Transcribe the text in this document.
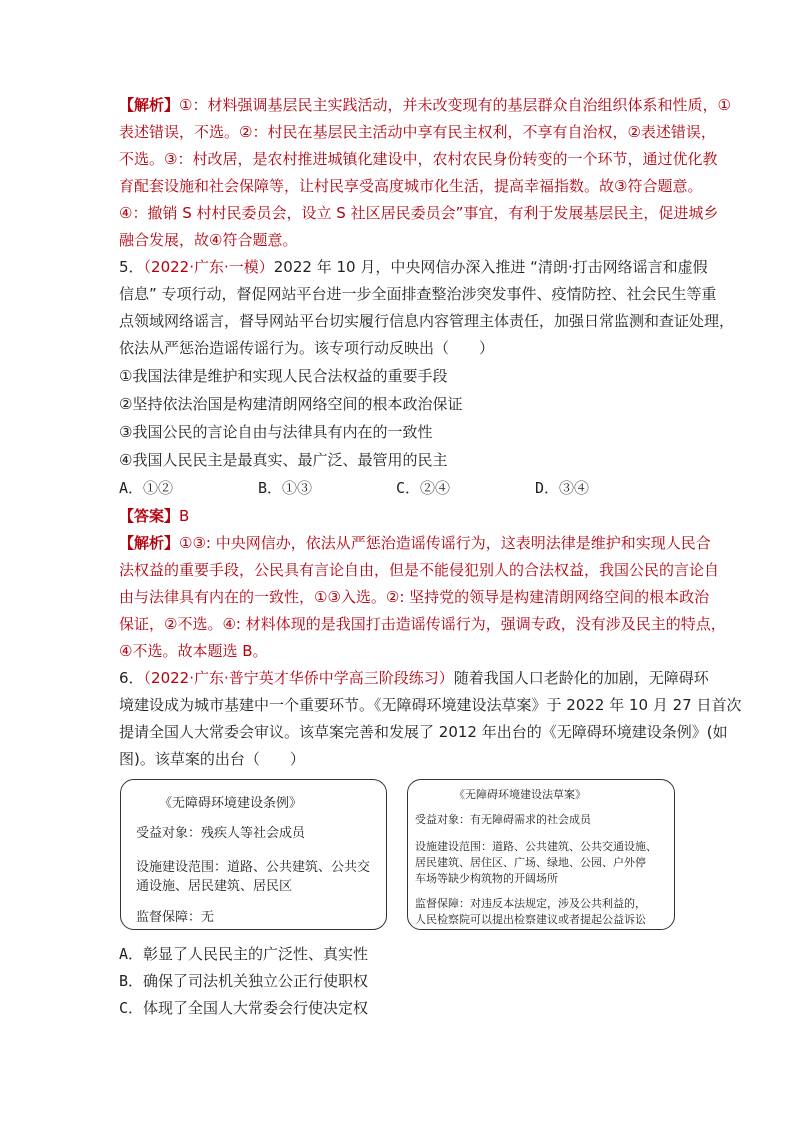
【解析】①：材料强调基层民主实践活动，并未改变现有的基层群众自治组织体系和性质，①
表述错误，不选。②：村民在基层民主活动中享有民主权利，不享有自治权，②表述错误，
不选。③：村改居，是农村推进城镇化建设中，农村农民身份转变的一个环节，通过优化教
育配套设施和社会保障等，让村民享受高度城市化生活，提高幸福指数。故③符合题意。
④：撤销 S 村村民委员会，设立 S 社区居民委员会”事宜，有利于发展基层民主，促进城乡
融合发展，故④符合题意。
5．（2022·广东·一模）2022 年 10 月，中央网信办深入推进 “清朗·打击网络谣言和虚假
信息” 专项行动，督促网站平台进一步全面排查整治涉突发事件、疫情防控、社会民生等重
点领域网络谣言，督导网站平台切实履行信息内容管理主体责任，加强日常监测和查证处理，
依法从严惩治造谣传谣行为。该专项行动反映出（　　）
①我国法律是维护和实现人民合法权益的重要手段
②坚持依法治国是构建清朗网络空间的根本政治保证
③我国公民的言论自由与法律具有内在的一致性
④我国人民民主是最真实、最广泛、最管用的民主
A．①②	B．①③	C．②④	D．③④
【答案】B
【解析】①③: 中央网信办，依法从严惩治造谣传谣行为，这表明法律是维护和实现人民合
法权益的重要手段，公民具有言论自由，但是不能侵犯别人的合法权益，我国公民的言论自
由与法律具有内在的一致性，①③入选。②: 坚持党的领导是构建清朗网络空间的根本政治
保证，②不选。④: 材料体现的是我国打击造谣传谣行为，强调专政，没有涉及民主的特点，
④不选。故本题选 B。
6．（2022·广东·普宁英才华侨中学高三阶段练习）随着我国人口老龄化的加剧，无障碍环
境建设成为城市基建中一个重要环节。《无障碍环境建设法草案》于 2022 年 10 月 27 日首次
提请全国人大常委会审议。该草案完善和发展了 2012 年出台的《无障碍环境建设条例》(如
图)。该草案的出台（　　）
《无障碍环境建设条例》
受益对象：残疾人等社会成员
设施建设范围：道路、公共建筑、公共交
通设施、居民建筑、居民区
监督保障：无
《无障碍环境建设法草案》
受益对象：有无障碍需求的社会成员
设施建设范围：道路、公共建筑、公共交通设施、
居民建筑、居住区、广场、绿地、公园、户外停
车场等缺少构筑物的开阔场所
监督保障：对违反本法规定，涉及公共利益的，
人民检察院可以提出检察建议或者提起公益诉讼
A．彰显了人民民主的广泛性、真实性
B．确保了司法机关独立公正行使职权
C．体现了全国人大常委会行使决定权
